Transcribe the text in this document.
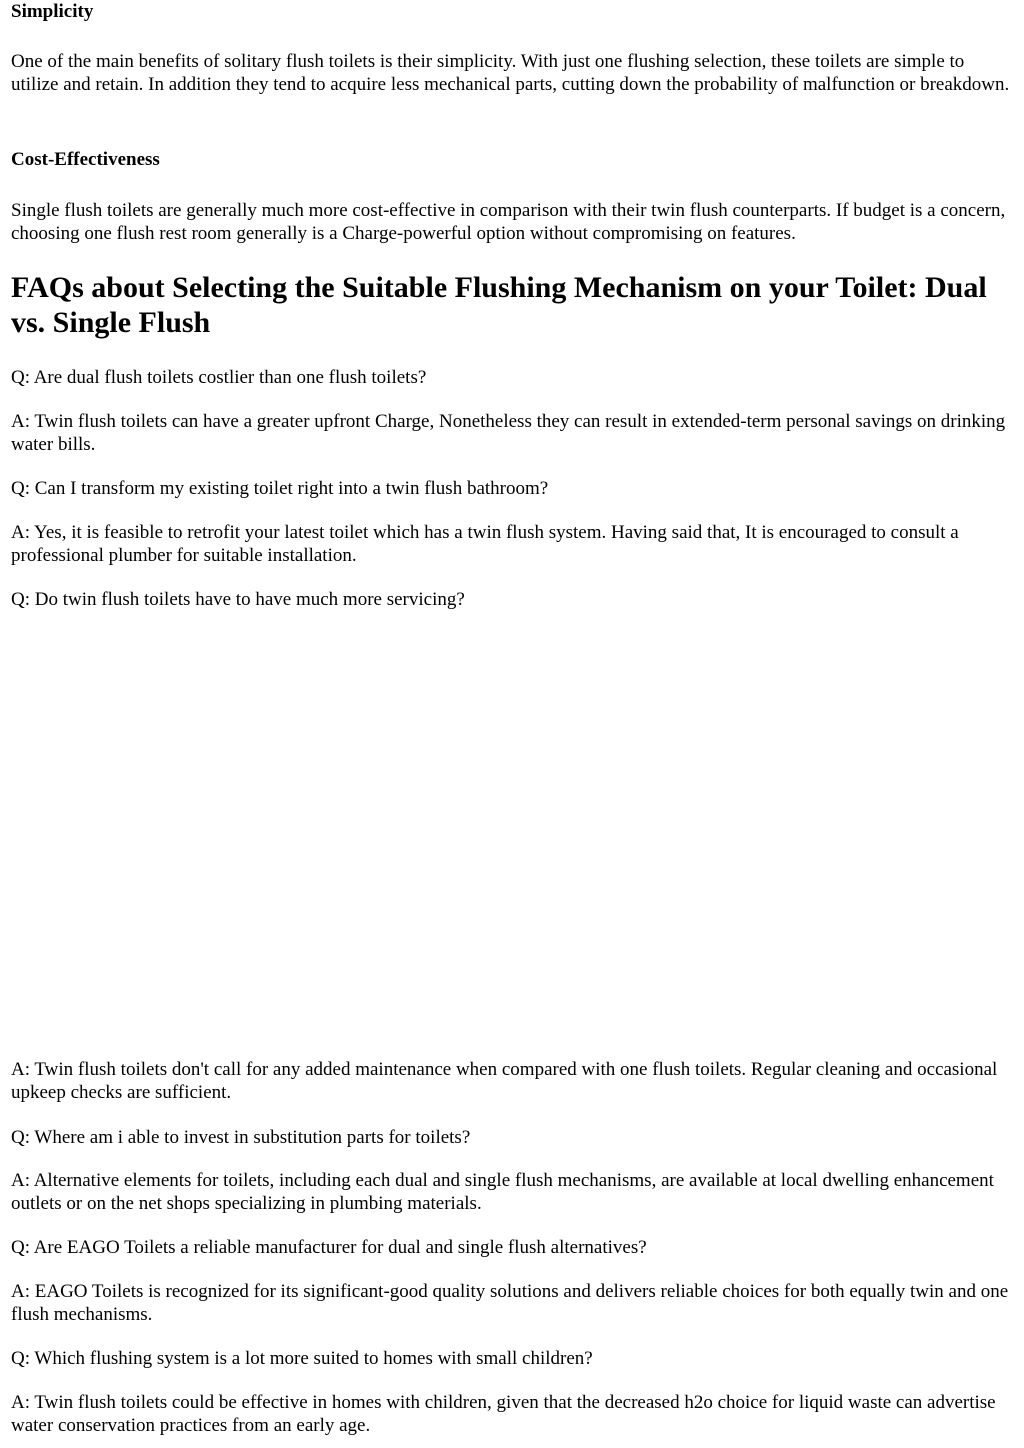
Simplicity

One of the main benefits of solitary flush toilets is their simplicity. With just one flushing selection, these toilets are simple to utilize and retain. In addition they tend to acquire less mechanical parts, cutting down the probability of malfunction or breakdown.

Cost-Effectiveness

Single flush toilets are generally much more cost-effective in comparison with their twin flush counterparts. If budget is a concern, choosing one flush rest room generally is a Charge-powerful option without compromising on features.

FAQs about Selecting the Suitable Flushing Mechanism on your Toilet: Dual vs. Single Flush

Q: Are dual flush toilets costlier than one flush toilets?

A: Twin flush toilets can have a greater upfront Charge, Nonetheless they can result in extended-term personal savings on drinking water bills.

Q: Can I transform my existing toilet right into a twin flush bathroom?

A: Yes, it is feasible to retrofit your latest toilet which has a twin flush system. Having said that, It is encouraged to consult a professional plumber for suitable installation.

Q: Do twin flush toilets have to have much more servicing?

A: Twin flush toilets don't call for any added maintenance when compared with one flush toilets. Regular cleaning and occasional upkeep checks are sufficient.

Q: Where am i able to invest in substitution parts for toilets?

A: Alternative elements for toilets, including each dual and single flush mechanisms, are available at local dwelling enhancement outlets or on the net shops specializing in plumbing materials.

Q: Are EAGO Toilets a reliable manufacturer for dual and single flush alternatives?

A: EAGO Toilets is recognized for its significant-good quality solutions and delivers reliable choices for both equally twin and one flush mechanisms.

Q: Which flushing system is a lot more suited to homes with small children?

A: Twin flush toilets could be effective in homes with children, given that the decreased h2o choice for liquid waste can advertise water conservation practices from an early age.
